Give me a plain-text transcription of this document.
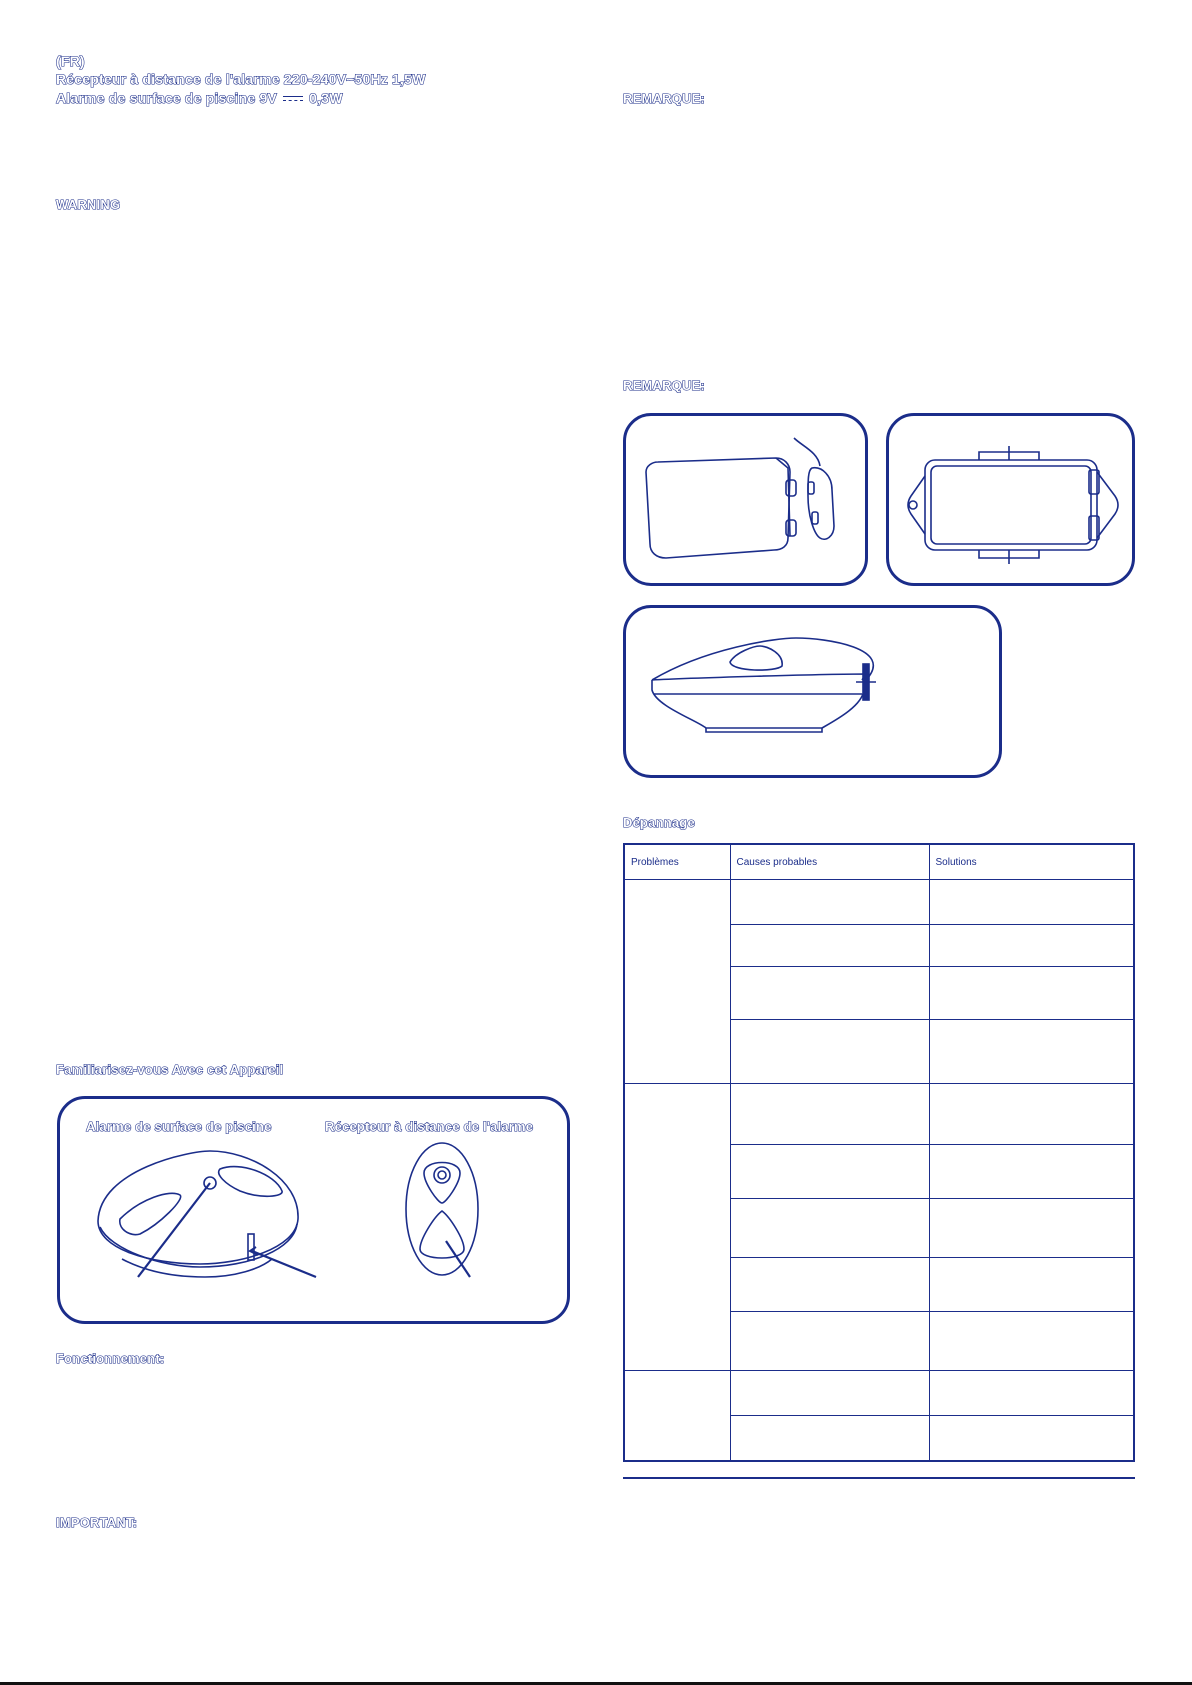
(FR)
Récepteur à distance de l'alarme 220-240V~50Hz 1,5W
Alarme de surface de piscine 9V 0,3W
WARNING
Familiarisez-vous Avec cet Appareil
Alarme de surface de piscine	Récepteur à distance de l'alarme
Fonctionnement:
IMPORTANT:
REMARQUE:
REMARQUE:
Dépannage
Problèmes	Causes probables	Solutions
